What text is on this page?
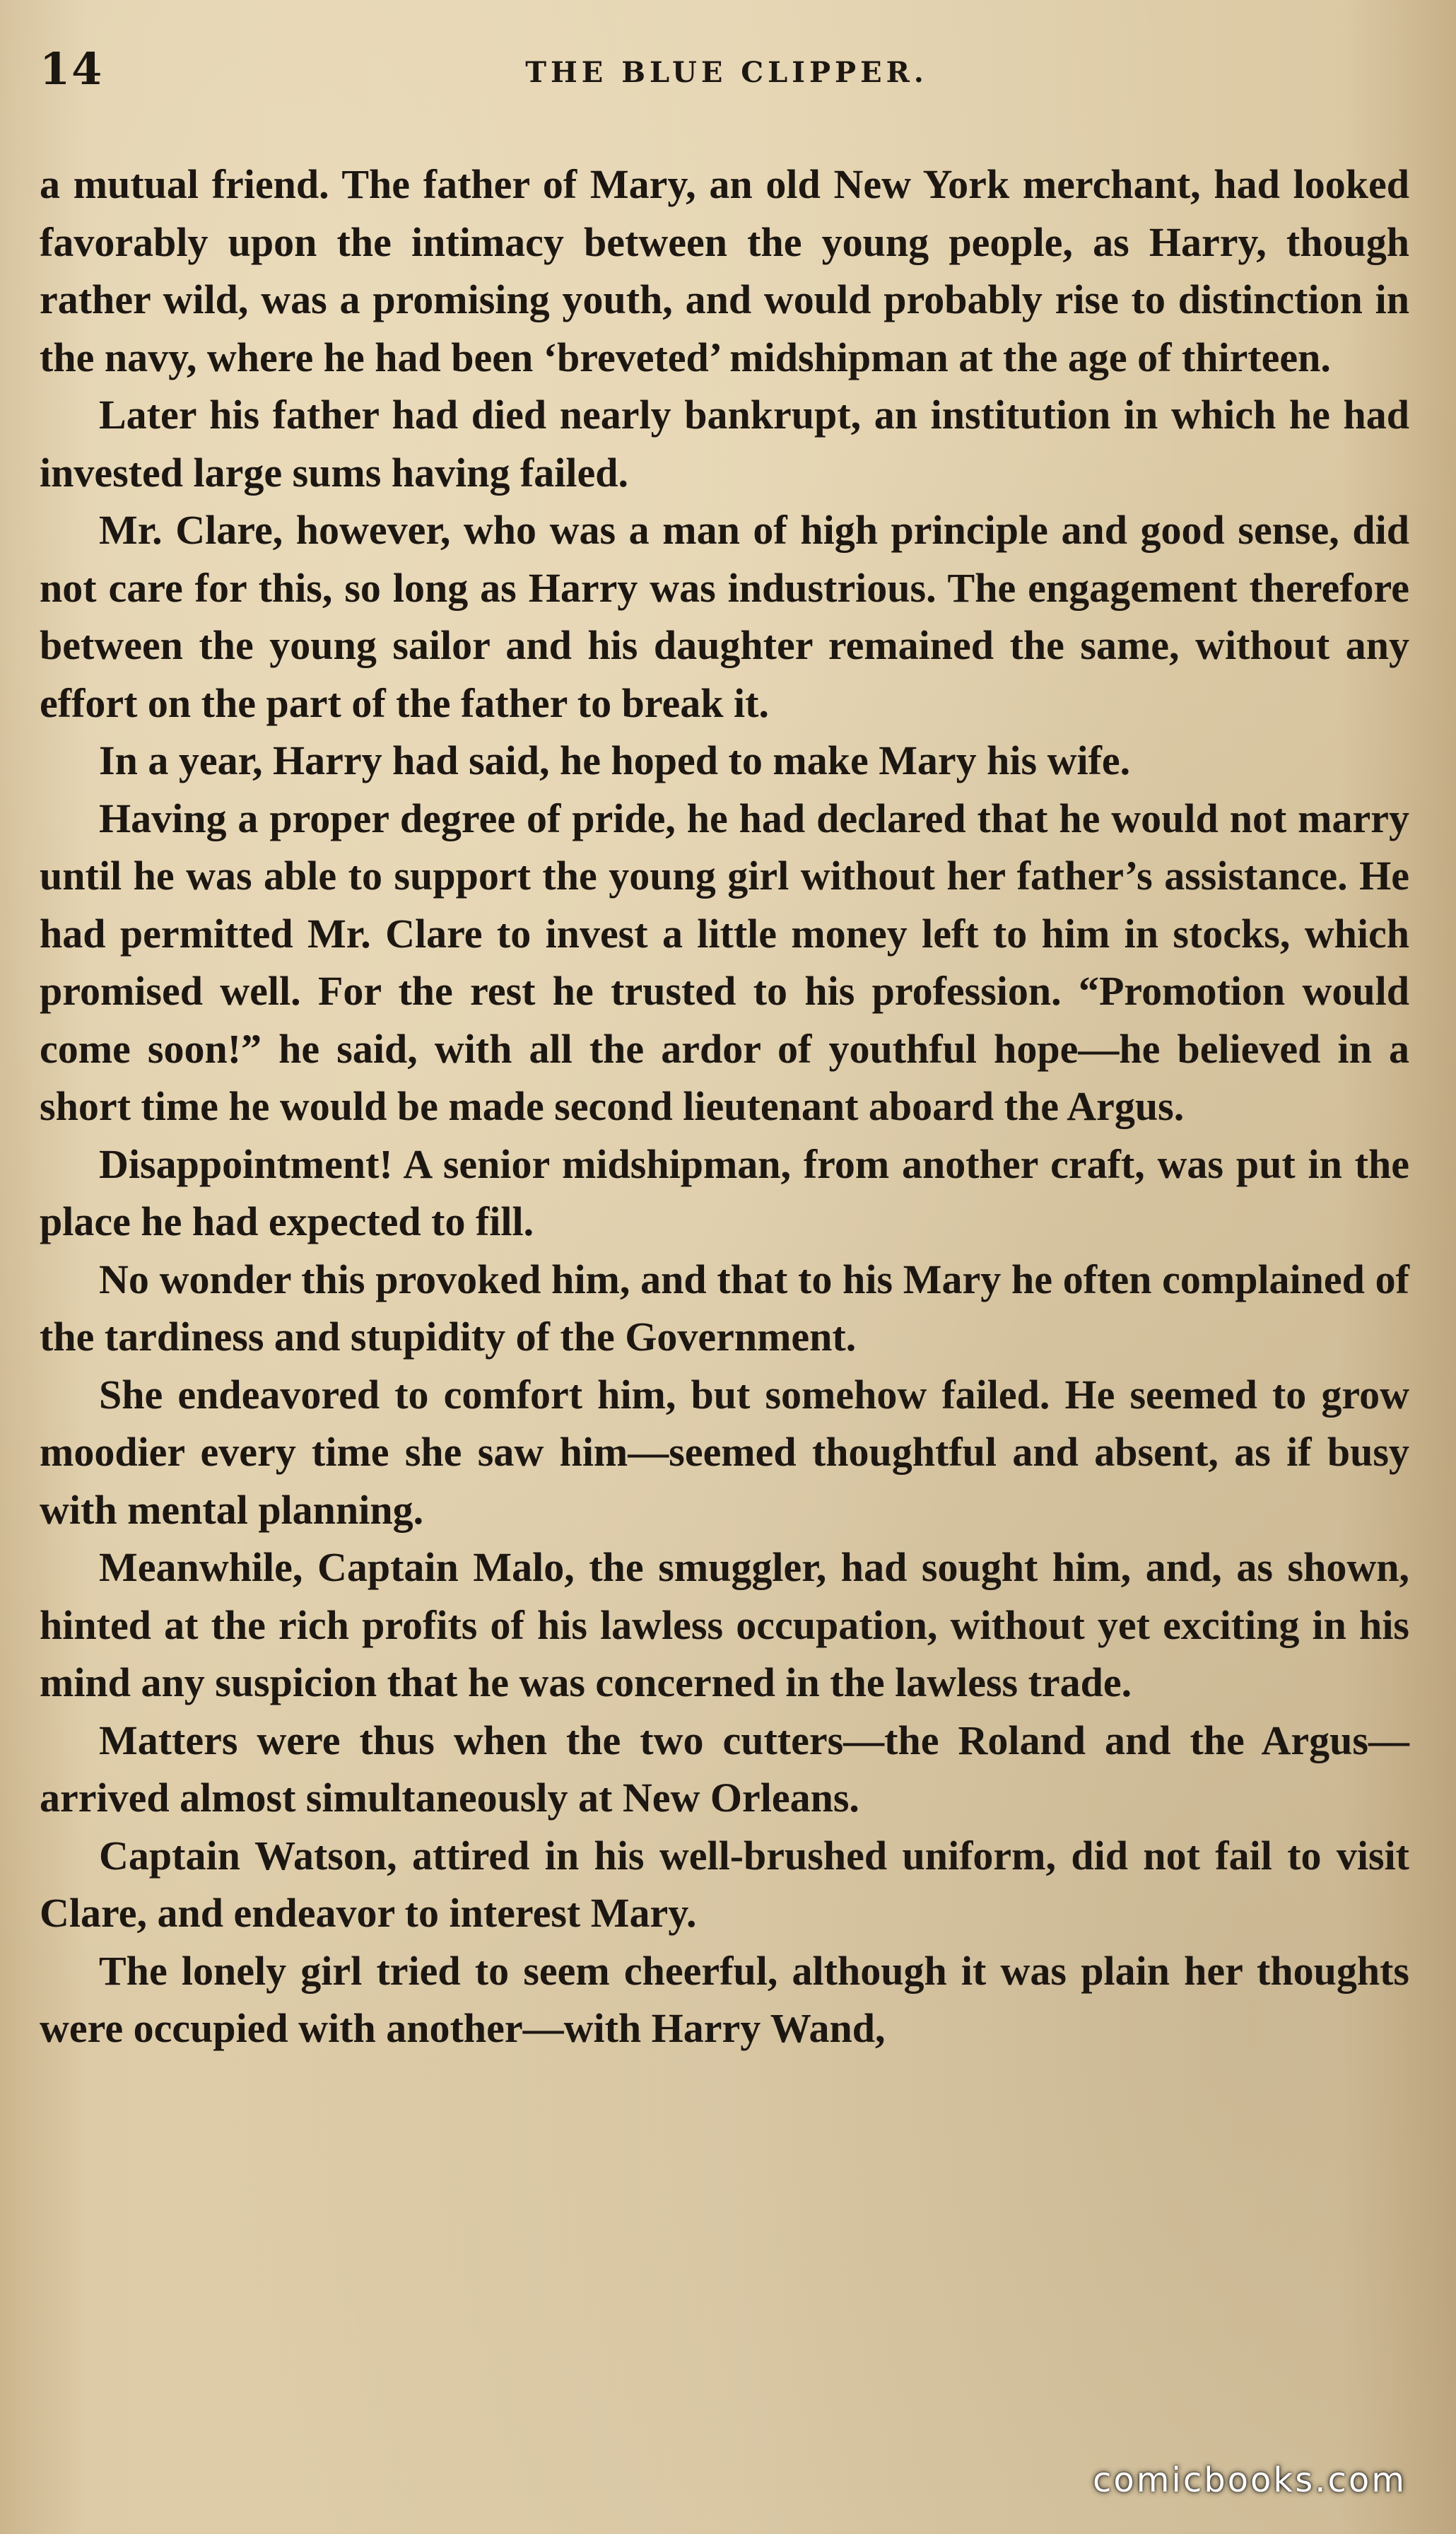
14	THE BLUE CLIPPER.

a mutual friend. The father of Mary, an old New York merchant, had looked favorably upon the intimacy between the young people, as Harry, though rather wild, was a promising youth, and would probably rise to distinction in the navy, where he had been ‘breveted’ midshipman at the age of thirteen.

Later his father had died nearly bankrupt, an institution in which he had invested large sums having failed.

Mr. Clare, however, who was a man of high principle and good sense, did not care for this, so long as Harry was industrious. The engagement therefore between the young sailor and his daughter remained the same, without any effort on the part of the father to break it.

In a year, Harry had said, he hoped to make Mary his wife.

Having a proper degree of pride, he had declared that he would not marry until he was able to support the young girl without her father’s assistance. He had permitted Mr. Clare to invest a little money left to him in stocks, which promised well. For the rest he trusted to his profession. “Promotion would come soon!” he said, with all the ardor of youthful hope—he believed in a short time he would be made second lieutenant aboard the Argus.

Disappointment! A senior midshipman, from another craft, was put in the place he had expected to fill.

No wonder this provoked him, and that to his Mary he often complained of the tardiness and stupidity of the Government.

She endeavored to comfort him, but somehow failed. He seemed to grow moodier every time she saw him—seemed thoughtful and absent, as if busy with mental planning.

Meanwhile, Captain Malo, the smuggler, had sought him, and, as shown, hinted at the rich profits of his lawless occupation, without yet exciting in his mind any suspicion that he was concerned in the lawless trade.

Matters were thus when the two cutters—the Roland and the Argus—arrived almost simultaneously at New Orleans.

Captain Watson, attired in his well-brushed uniform, did not fail to visit Clare, and endeavor to interest Mary.

The lonely girl tried to seem cheerful, although it was plain her thoughts were occupied with another—with Harry Wand,

comicbooks.com
